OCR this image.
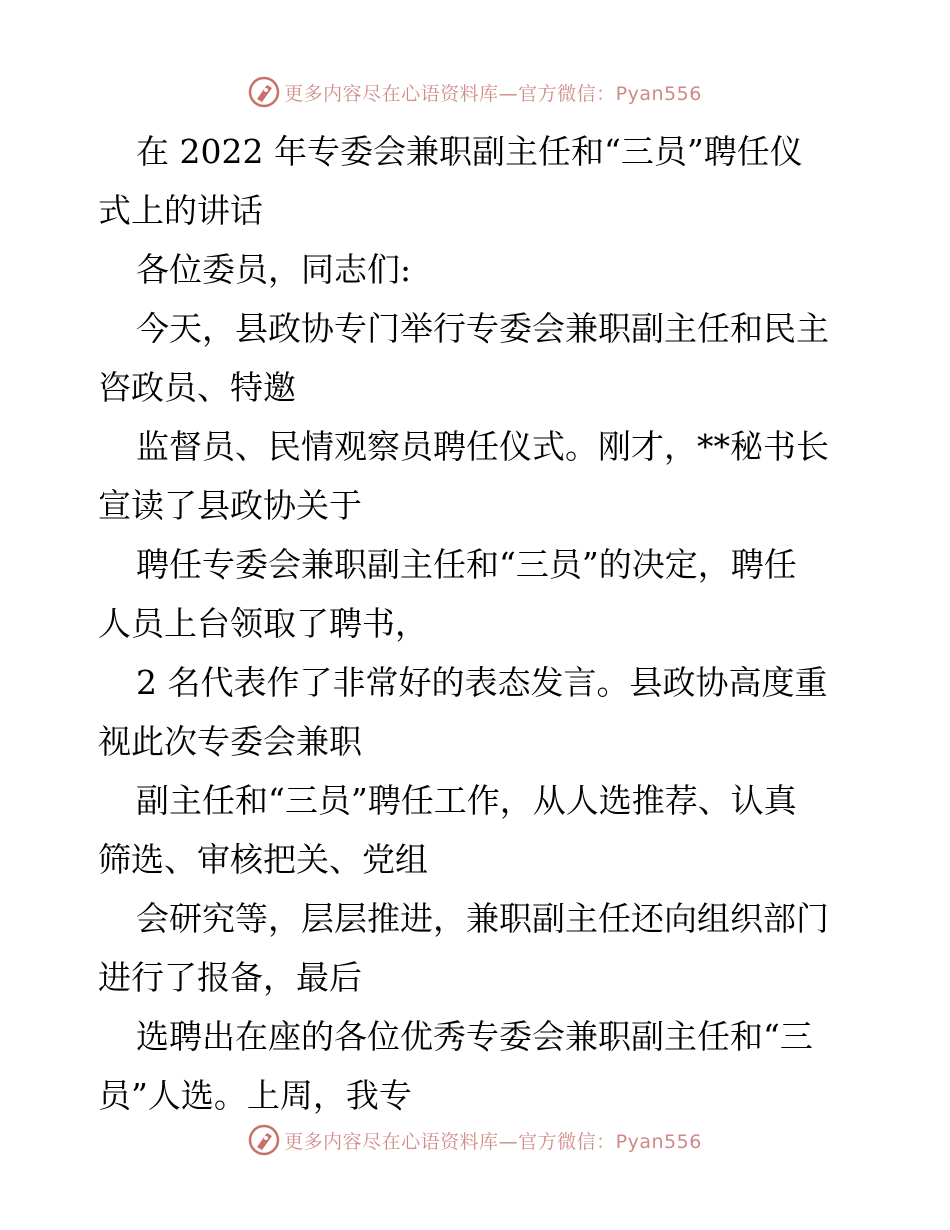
更多内容尽在心语资料库—官方微信：Pyan556
在 2022 年专委会兼职副主任和“三员”聘任仪
式上的讲话
各位委员，同志们:
今天，县政协专门举行专委会兼职副主任和民主
咨政员、特邀
监督员、民情观察员聘任仪式。刚才，**秘书长
宣读了县政协关于
聘任专委会兼职副主任和“三员”的决定，聘任
人员上台领取了聘书，
2 名代表作了非常好的表态发言。县政协高度重
视此次专委会兼职
副主任和“三员”聘任工作，从人选推荐、认真
筛选、审核把关、党组
会研究等，层层推进，兼职副主任还向组织部门
进行了报备，最后
选聘出在座的各位优秀专委会兼职副主任和“三
员”人选。上周，我专
更多内容尽在心语资料库—官方微信：Pyan556
